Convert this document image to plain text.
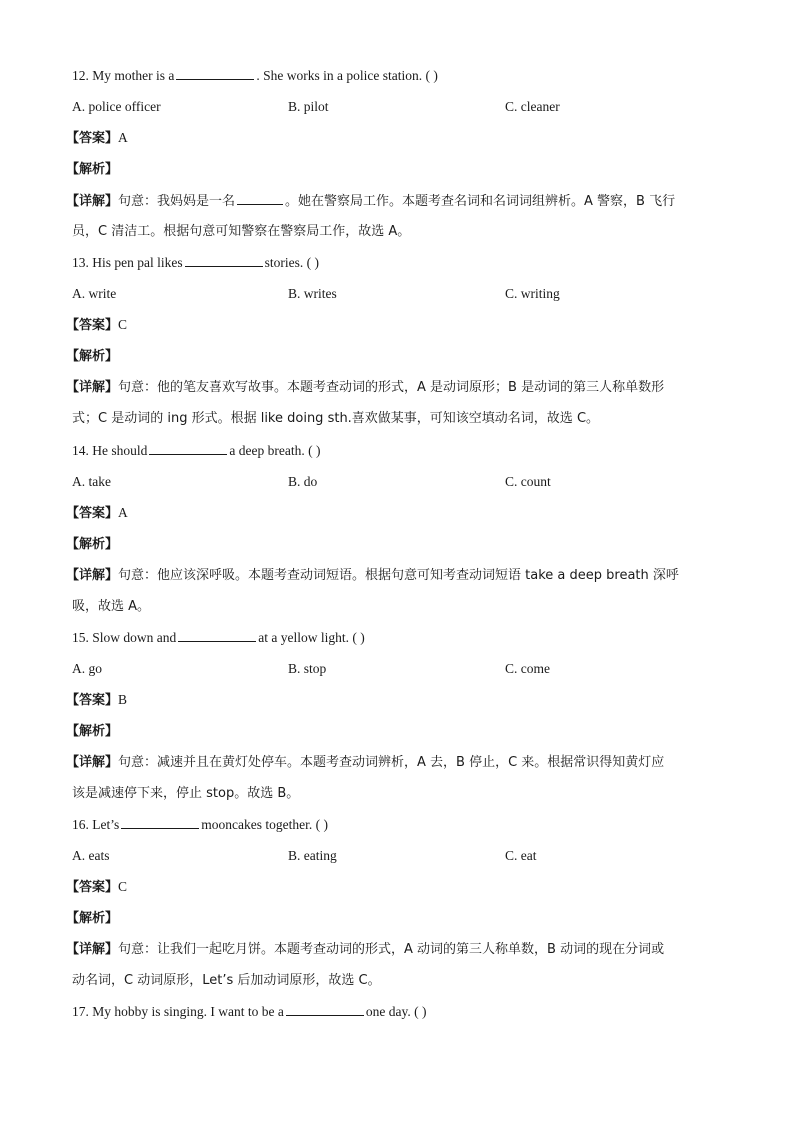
12. My mother is a	. She works in a police station. ( )
A. police officer	B. pilot	C. cleaner
【答案】A
【解析】
【详解】句意：我妈妈是一名	。她在警察局工作。本题考查名词和名词词组辨析。A 警察，B 飞行
员，C 清洁工。根据句意可知警察在警察局工作，故选 A。
13. His pen pal likes	stories. ( )
A. write	B. writes	C. writing
【答案】C
【解析】
【详解】句意：他的笔友喜欢写故事。本题考查动词的形式，A 是动词原形；B 是动词的第三人称单数形
式；C 是动词的 ing 形式。根据 like doing sth.喜欢做某事，可知该空填动名词，故选 C。
14. He should	a deep breath. ( )
A. take	B. do	C. count
【答案】A
【解析】
【详解】句意：他应该深呼吸。本题考查动词短语。根据句意可知考查动词短语 take a deep breath 深呼
吸，故选 A。
15. Slow down and	at a yellow light. ( )
A. go	B. stop	C. come
【答案】B
【解析】
【详解】句意：减速并且在黄灯处停车。本题考查动词辨析，A 去，B 停止，C 来。根据常识得知黄灯应
该是减速停下来，停止 stop。故选 B。
16. Let’s	mooncakes together. ( )
A. eats	B. eating	C. eat
【答案】C
【解析】
【详解】句意：让我们一起吃月饼。本题考查动词的形式，A 动词的第三人称单数，B 动词的现在分词或
动名词，C 动词原形，Let’s 后加动词原形，故选 C。
17. My hobby is singing. I want to be a	one day. ( )
